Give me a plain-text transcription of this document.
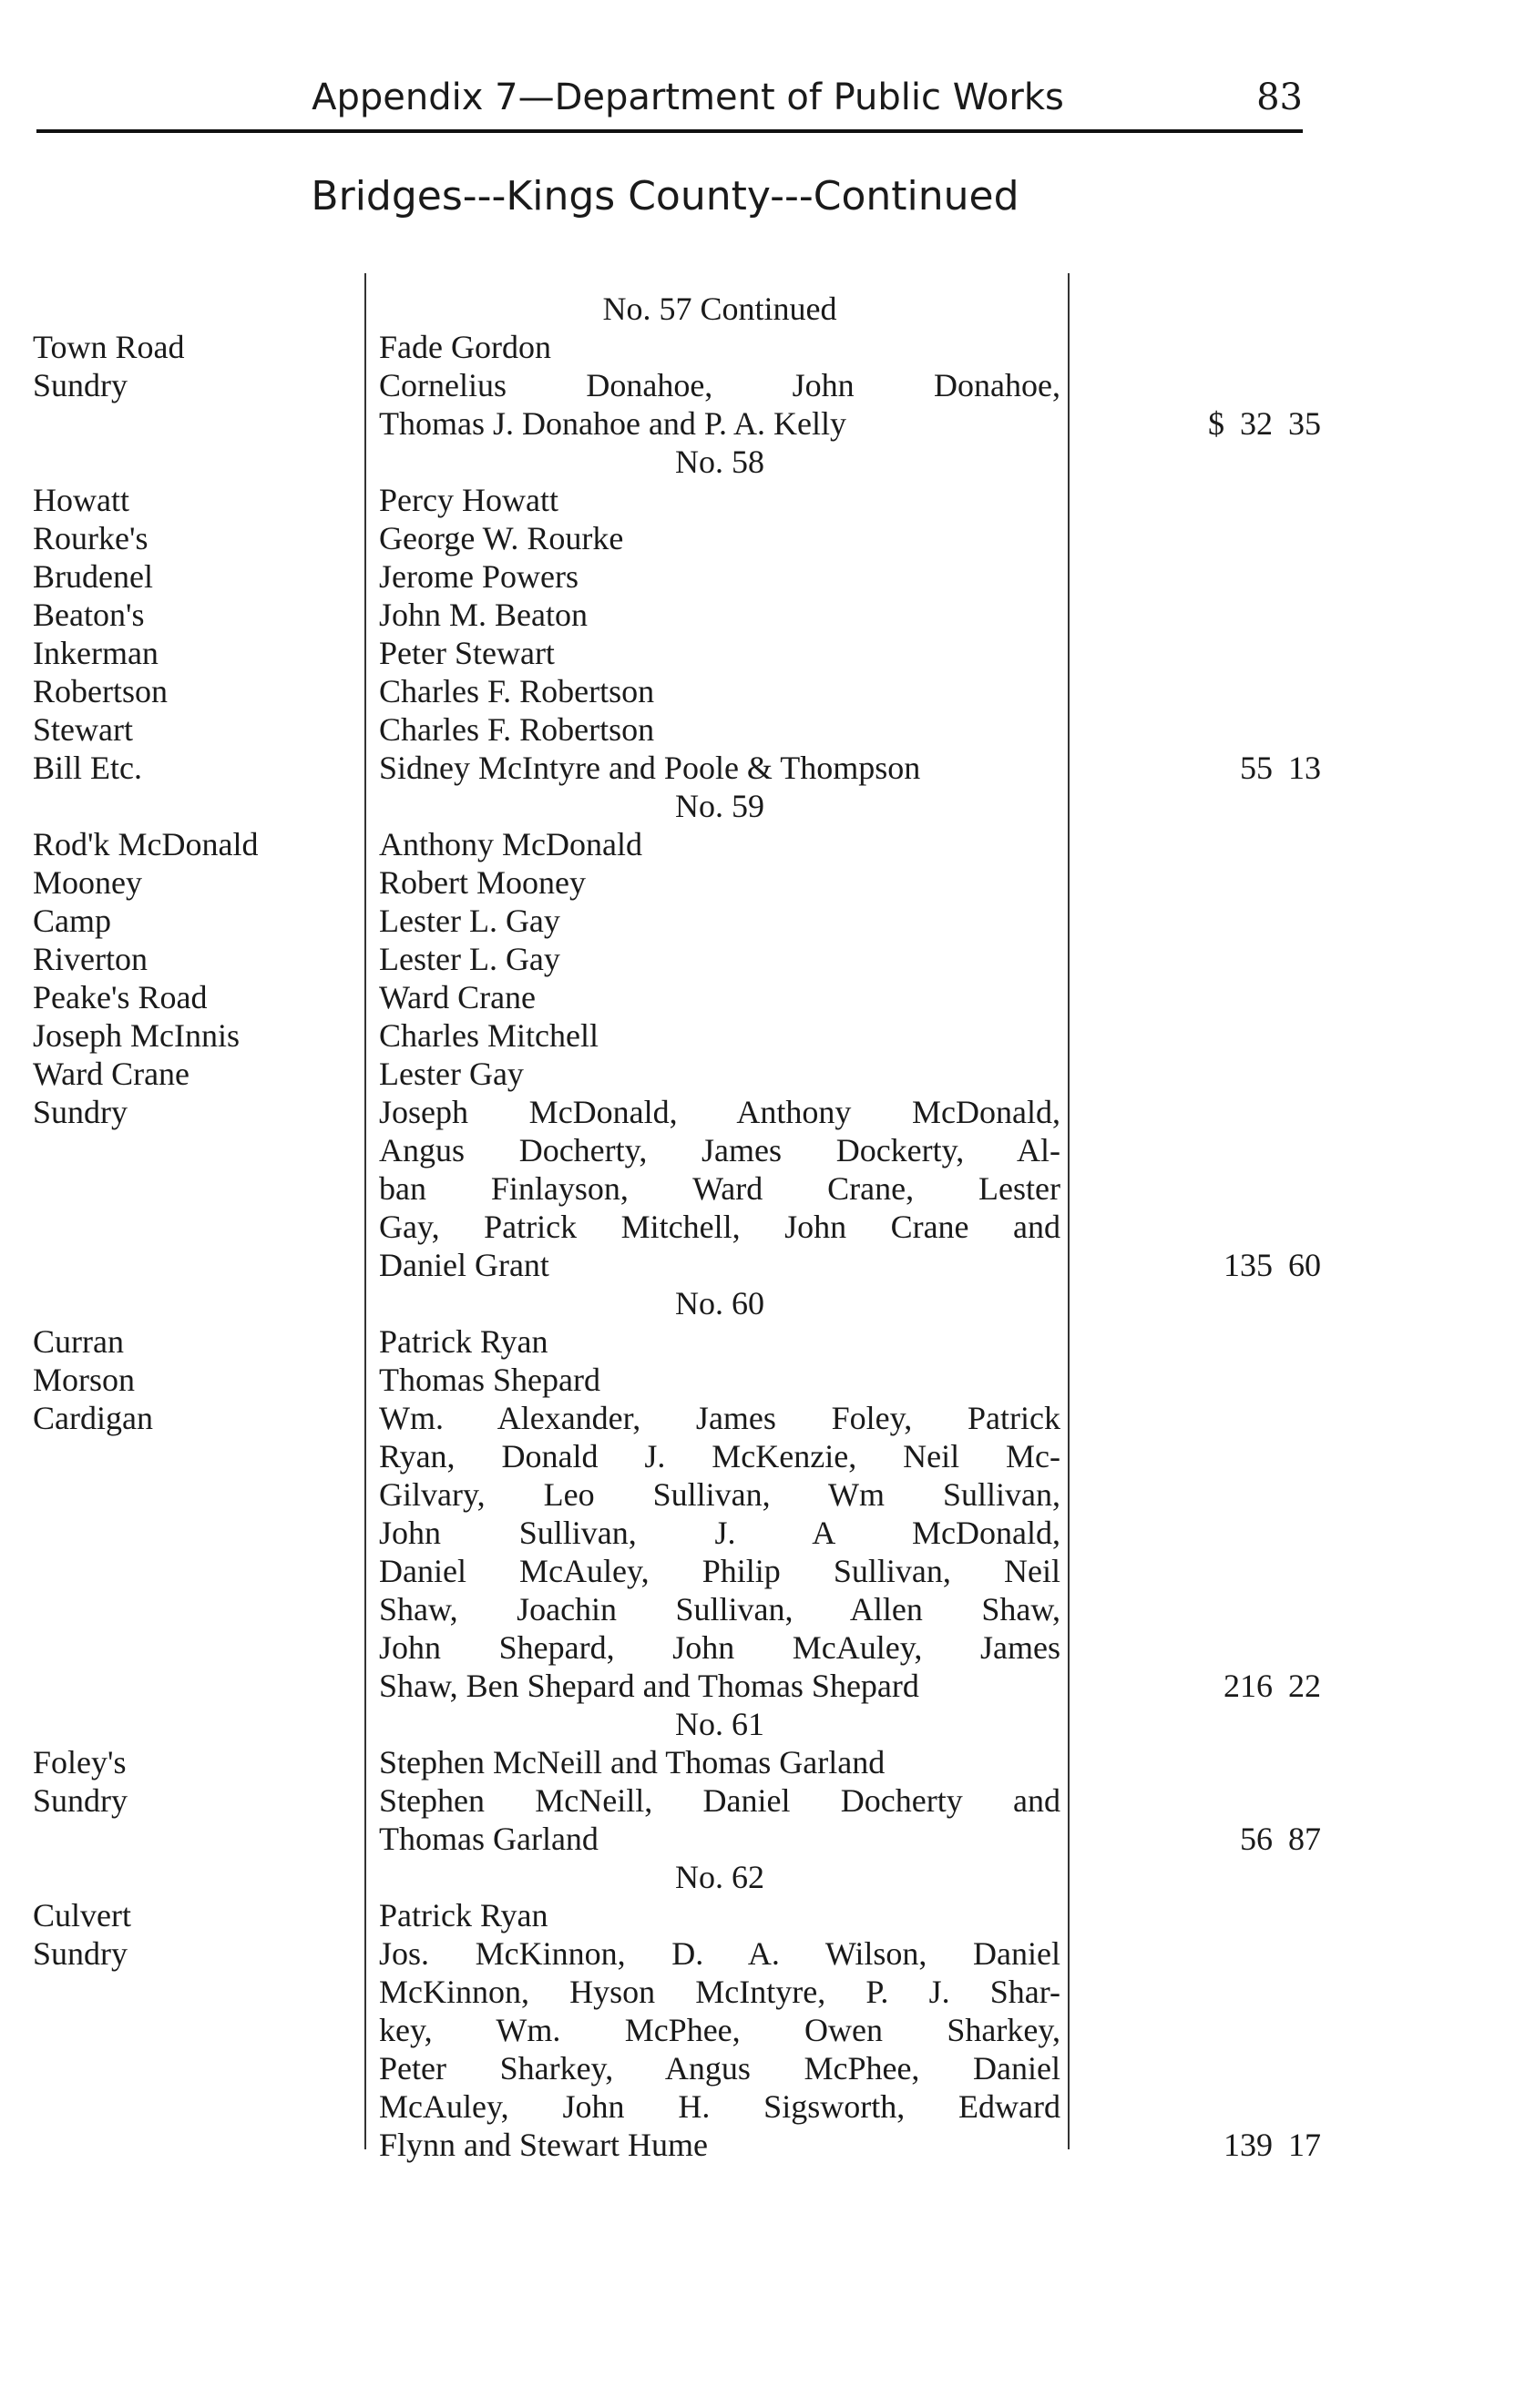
Appendix 7—Department of Public Works	83
Bridges---Kings County---Continued
No. 57 Continued
Town Road	Fade Gordon
Sundry	Cornelius Donahoe, John Donahoe,
Thomas J. Donahoe and P. A. Kelly	$ 32 35
No. 58
Howatt	Percy Howatt
Rourke's	George W. Rourke
Brudenel	Jerome Powers
Beaton's	John M. Beaton
Inkerman	Peter Stewart
Robertson	Charles F. Robertson
Stewart	Charles F. Robertson
Bill Etc.	Sidney McIntyre and Poole & Thompson	55 13
No. 59
Rod'k McDonald	Anthony McDonald
Mooney	Robert Mooney
Camp	Lester L. Gay
Riverton	Lester L. Gay
Peake's Road	Ward Crane
Joseph McInnis	Charles Mitchell
Ward Crane	Lester Gay
Sundry	Joseph McDonald, Anthony McDonald,
Angus Docherty, James Dockerty, Al-
ban Finlayson, Ward Crane, Lester
Gay, Patrick Mitchell, John Crane and
Daniel Grant	135 60
No. 60
Curran	Patrick Ryan
Morson	Thomas Shepard
Cardigan	Wm. Alexander, James Foley, Patrick
Ryan, Donald J. McKenzie, Neil Mc-
Gilvary, Leo Sullivan, Wm Sullivan,
John Sullivan, J. A McDonald,
Daniel McAuley, Philip Sullivan, Neil
Shaw, Joachin Sullivan, Allen Shaw,
John Shepard, John McAuley, James
Shaw, Ben Shepard and Thomas Shepard	216 22
No. 61
Foley's	Stephen McNeill and Thomas Garland
Sundry	Stephen McNeill, Daniel Docherty and
Thomas Garland	56 87
No. 62
Culvert	Patrick Ryan
Sundry	Jos. McKinnon, D. A. Wilson, Daniel
McKinnon, Hyson McIntyre, P. J. Shar-
key, Wm. McPhee, Owen Sharkey,
Peter Sharkey, Angus McPhee, Daniel
McAuley, John H. Sigsworth, Edward
Flynn and Stewart Hume	139 17
